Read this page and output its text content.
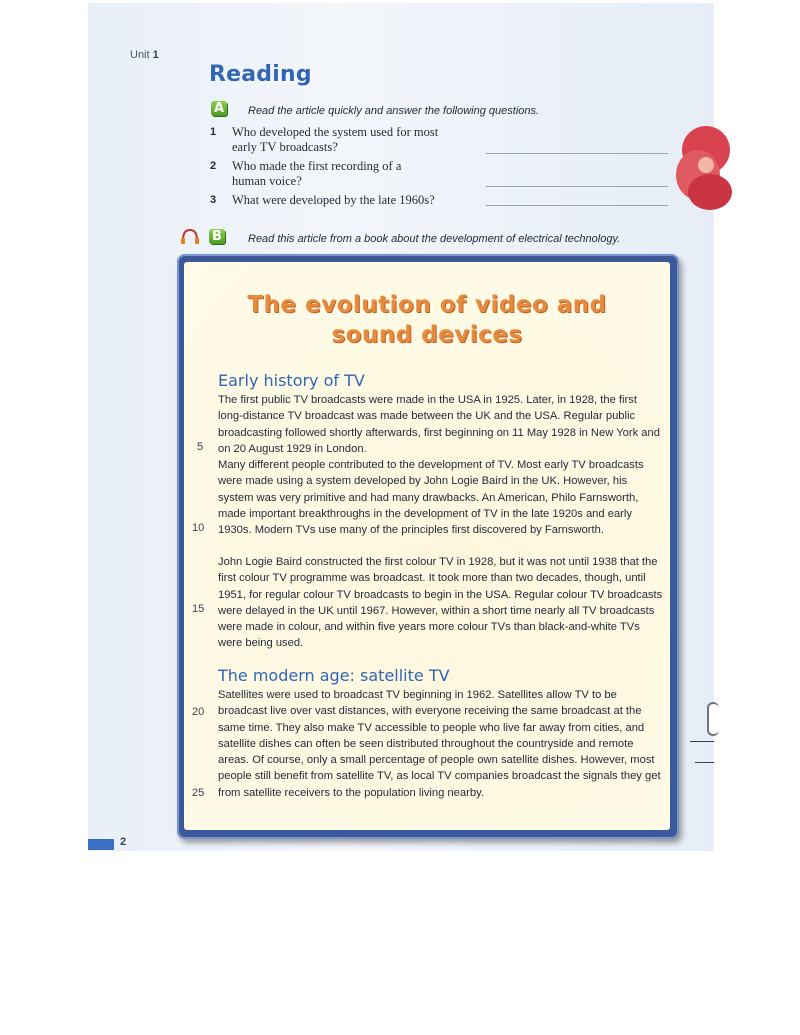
Unit 1
Reading
A Read the article quickly and answer the following questions.
1 Who developed the system used for most
early TV broadcasts?
2 Who made the first recording of a
human voice?
3 What were developed by the late 1960s?
B Read this article from a book about the development of electrical technology.
The evolution of video and
sound devices
Early history of TV

The first public TV broadcasts were made in the USA in 1925. Later, in 1928, the first long-distance TV broadcast was made between the UK and the USA. Regular public broadcasting followed shortly afterwards, first beginning on 11 May 1928 in New York and on 20 August 1929 in London.

Many different people contributed to the development of TV. Most early TV broadcasts were made using a system developed by John Logie Baird in the UK. However, his system was very primitive and had many drawbacks. An American, Philo Farnsworth, made important breakthroughs in the development of TV in the late 1920s and early 1930s. Modern TVs use many of the principles first discovered by Farnsworth.

John Logie Baird constructed the first colour TV in 1928, but it was not until 1938 that the first colour TV programme was broadcast. It took more than two decades, though, until 1951, for regular colour TV broadcasts to begin in the USA. Regular colour TV broadcasts were delayed in the UK until 1967. However, within a short time nearly all TV broadcasts were made in colour, and within five years more colour TVs than black-and-white TVs were being used.

The modern age: satellite TV

Satellites were used to broadcast TV beginning in 1962. Satellites allow TV to be broadcast live over vast distances, with everyone receiving the same broadcast at the same time. They also make TV accessible to people who live far away from cities, and satellite dishes can often be seen distributed throughout the countryside and remote areas. Of course, only a small percentage of people own satellite dishes. However, most people still benefit from satellite TV, as local TV companies broadcast the signals they get from satellite receivers to the population living nearby.

5
10
15
20
25
2
